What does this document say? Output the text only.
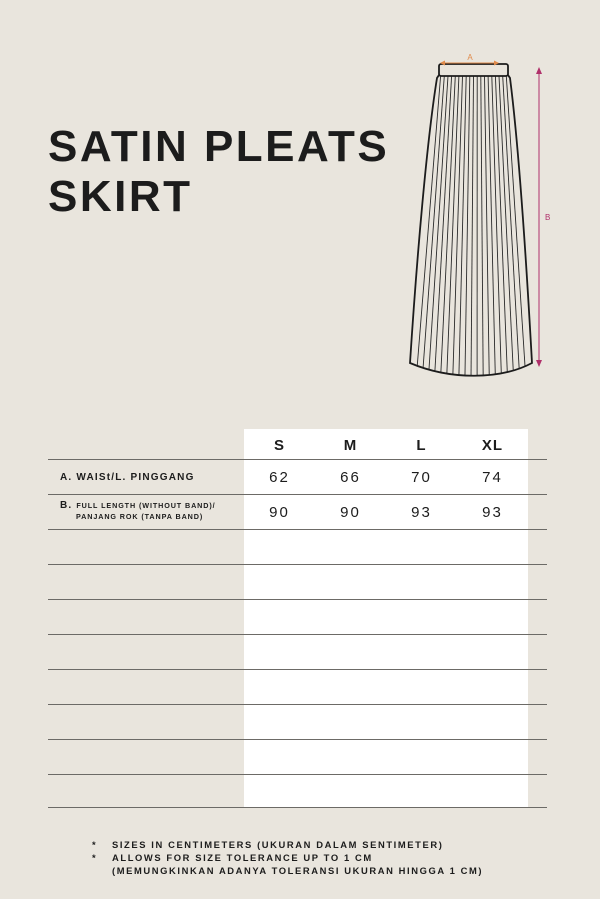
SATIN PLEATS
SKIRT
A
B
S	M	L	XL
A. WAISt/L. PINGGANG	62	66	70	74
B. FULL LENGTH (WITHOUT BAND)/
PANJANG ROK (TANPA BAND)	90	90	93	93
* SIZES IN CENTIMETERS (UKURAN DALAM SENTIMETER)
* ALLOWS FOR SIZE TOLERANCE UP TO 1 CM
(MEMUNGKINKAN ADANYA TOLERANSI UKURAN HINGGA 1 CM)
